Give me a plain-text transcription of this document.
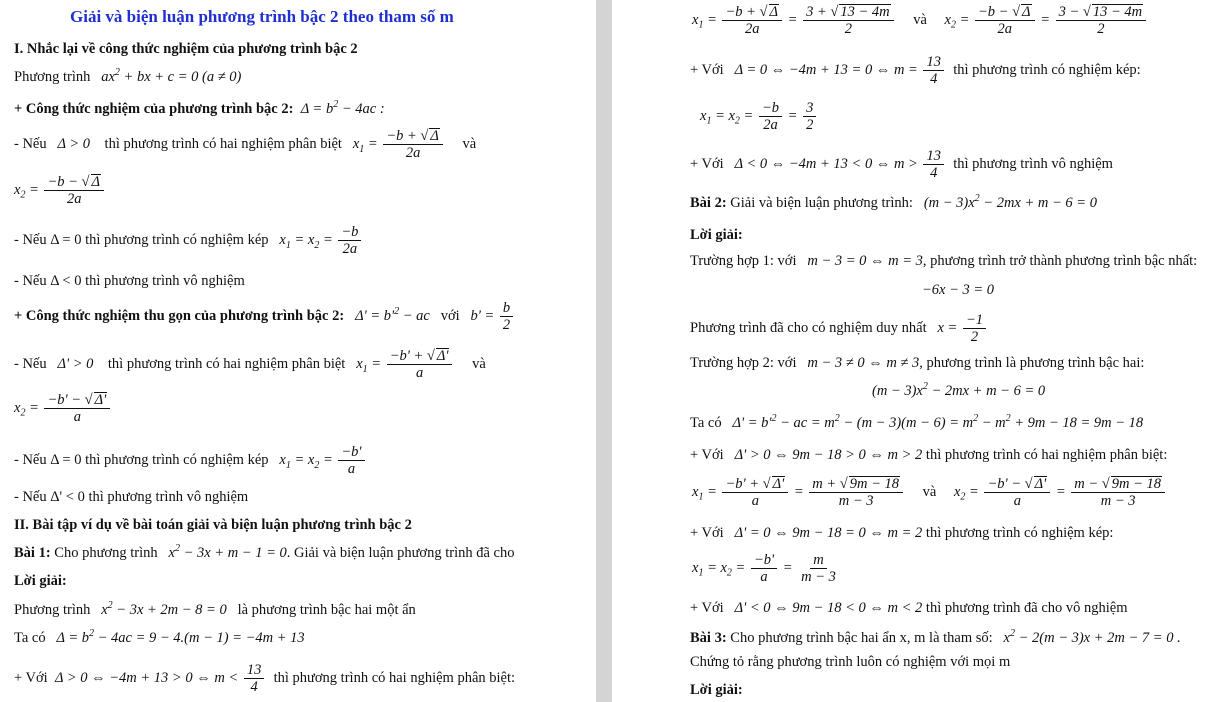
Giải và biện luận phương trình bậc 2 theo tham số m
I. Nhắc lại về công thức nghiệm của phương trình bậc 2
Phương trình   $ax^2$ + bx + c = 0 (a ≠ 0)
+ Công thức nghiệm của phương trình bậc 2:  $\Delta = b^2 - 4ac$ :
- Nếu   Δ > 0    thì phương trình có hai nghiệm phân biệt   $x_1 = \frac{-b + √ \Delta}{2a}$ và
$x_2 = \frac{-b - √ \Delta}{2a}$
- Nếu Δ = 0 thì phương trình có nghiệm kép   $x_1 = x_2 = \frac{-b}{2a}$
- Nếu Δ < 0 thì phương trình vô nghiệm
+ Công thức nghiệm thu gọn của phương trình bậc 2:   $\Delta' = b'^2$ − ac   với   $b' = \frac{b}{2}$
- Nếu   Δ' > 0    thì phương trình có hai nghiệm phân biệt   $x_1 = \frac{-b' + √ \Delta'}{a}$ và
$x_2 = \frac{-b' - √ \Delta'}{a}$
- Nếu Δ = 0 thì phương trình có nghiệm kép   $x_1 = x_2 = \frac{-b'}{a}$
- Nếu Δ' < 0 thì phương trình vô nghiệm
II. Bài tập ví dụ về bài toán giải và biện luận phương trình bậc 2
Bài 1: Cho phương trình   $x^2 - 3x + m - 1 = 0$. Giải và biện luận phương trình đã cho
Lời giải:
Phương trình   $x^2 - 3x + 2m - 8 = 0$   là phương trình bậc hai một ẩn
Ta có   $\Delta = b^2 - 4ac = 9 - 4.(m - 1) = -4m + 13$
+ Với  Δ > 0 ⇔ −4m + 13 > 0 ⇔ $m < \frac{13}{4}$ thì phương trình có hai nghiệm phân biệt:
$x_1 = \frac{-b + √ \Delta}{2a} = \frac{3 + √ 13 - 4m}{2}$ và $x_2 = \frac{-b - √ \Delta}{2a} = \frac{3 - √ 13 - 4m}{2}$
+ Với   Δ = 0 ⇔ −4m + 13 = 0 ⇔ $m = \frac{13}{4}$ thì phương trình có nghiệm kép:
$x_1 = x_2 = \frac{-b}{2a} = \frac{3}{2}$
+ Với   Δ < 0 ⇔ −4m + 13 < 0 ⇔ $m > \frac{13}{4}$ thì phương trình vô nghiệm
Bài 2: Giải và biện luận phương trình:   $(m - 3)x^2 - 2mx + m - 6 = 0$
Lời giải:
Trường hợp 1: với   m − 3 = 0 ⇔ m = 3, phương trình trở thành phương trình bậc nhất:
−6x − 3 = 0
Phương trình đã cho có nghiệm duy nhất   $x = \frac{-1}{2}$
Trường hợp 2: với   m − 3 ≠ 0 ⇔ m ≠ 3, phương trình là phương trình bậc hai:
$(m - 3)x^2 - 2mx + m - 6 = 0$
Ta có   $\Delta' = b'^2$ − ac = $m^2 - (m - 3)(m - 6) = m^2 - m^2 + 9m - 18 = 9m - 18$
+ Với   Δ' > 0 ⇔ 9m − 18 > 0 ⇔ m > 2 thì phương trình có hai nghiệm phân biệt:
$x_1 = \frac{-b' + √ \Delta'}{a} = \frac{m + √ 9m - 18}{m - 3}$ và $x_2 = \frac{-b' - √ \Delta'}{a} = \frac{m - √ 9m - 18}{m - 3}$
+ Với   Δ' = 0 ⇔ 9m − 18 = 0 ⇔ m = 2 thì phương trình có nghiệm kép:
$x_1 = x_2 = \frac{-b'}{a} = \frac{m}{m - 3}$
+ Với   Δ' < 0 ⇔ 9m − 18 < 0 ⇔ m < 2 thì phương trình đã cho vô nghiệm
Bài 3: Cho phương trình bậc hai ẩn x, m là tham số:   $x^2 - 2(m - 3)x + 2m - 7 = 0$ .
Chứng tỏ rằng phương trình luôn có nghiệm với mọi m
Lời giải:
